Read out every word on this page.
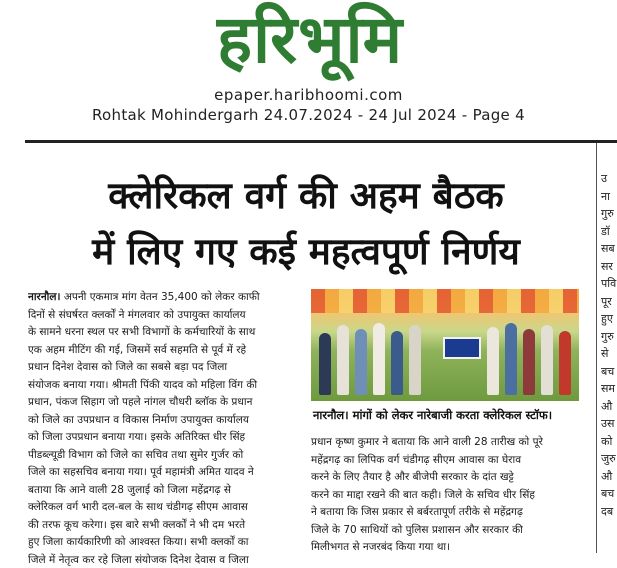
हरिभूमि
epaper.haribhoomi.com
Rohtak Mohindergarh 24.07.2024 - 24 Jul 2024 - Page 4
क्लेरिकल वर्ग की अहम बैठक
में लिए गए कई महत्वपूर्ण निर्णय
नारनौल। अपनी एकमात्र मांग वेतन 35,400 को लेकर काफी
दिनों से संघर्षरत क्लर्कों ने मंगलवार को उपायुक्त कार्यालय
के सामने धरना स्थल पर सभी विभागों के कर्मचारियों के साथ
एक अहम मीटिंग की गई, जिसमें सर्व सहमति से पूर्व में रहे
प्रधान दिनेश देवास को जिले का सबसे बड़ा पद जिला
संयोजक बनाया गया। श्रीमती पिंकी यादव को महिला विंग की
प्रधान, पंकज सिहाग जो पहले नांगल चौधरी ब्लॉक के प्रधान
को जिले का उपप्रधान व विकास निर्माण उपायुक्त कार्यालय
को जिला उपप्रधान बनाया गया। इसके अतिरिक्त धीर सिंह
पीडब्ल्यूडी विभाग को जिले का सचिव तथा सुमेर गुर्जर को
जिले का सहसचिव बनाया गया। पूर्व महामंत्री अमित यादव ने
बताया कि आने वाली 28 जुलाई को जिला महेंद्रगढ़ से
क्लेरिकल वर्ग भारी दल-बल के साथ चंडीगढ़ सीएम आवास
की तरफ कूच करेगा। इस बारे सभी क्लर्कों ने भी दम भरते
हुए जिला कार्यकारिणी को आश्वस्त किया। सभी क्लर्कों का
जिले में नेतृत्व कर रहे जिला संयोजक दिनेश देवास व जिला
नारनौल। मांगों को लेकर नारेबाजी करता क्लेरिकल स्टॉफ।
प्रधान कृष्ण कुमार ने बताया कि आने वाली 28 तारीख को पूरे
महेंद्रगढ़ का लिपिक वर्ग चंडीगढ़ सीएम आवास का घेराव
करने के लिए तैयार है और बीजेपी सरकार के दांत खट्टे
करने का माद्दा रखने की बात कही। जिले के सचिव धीर सिंह
ने बताया कि जिस प्रकार से बर्बरतापूर्ण तरीके से महेंद्रगढ़
जिले के 70 साथियों को पुलिस प्रशासन और सरकार की
मिलीभगत से नजरबंद किया गया था।
उ
ना
गुरु
डॉ
सब
सर
पवि
पूर
हुए
गुरु
से
बच
सम
औ
उस
को
जुरु
औ
बच
दब
